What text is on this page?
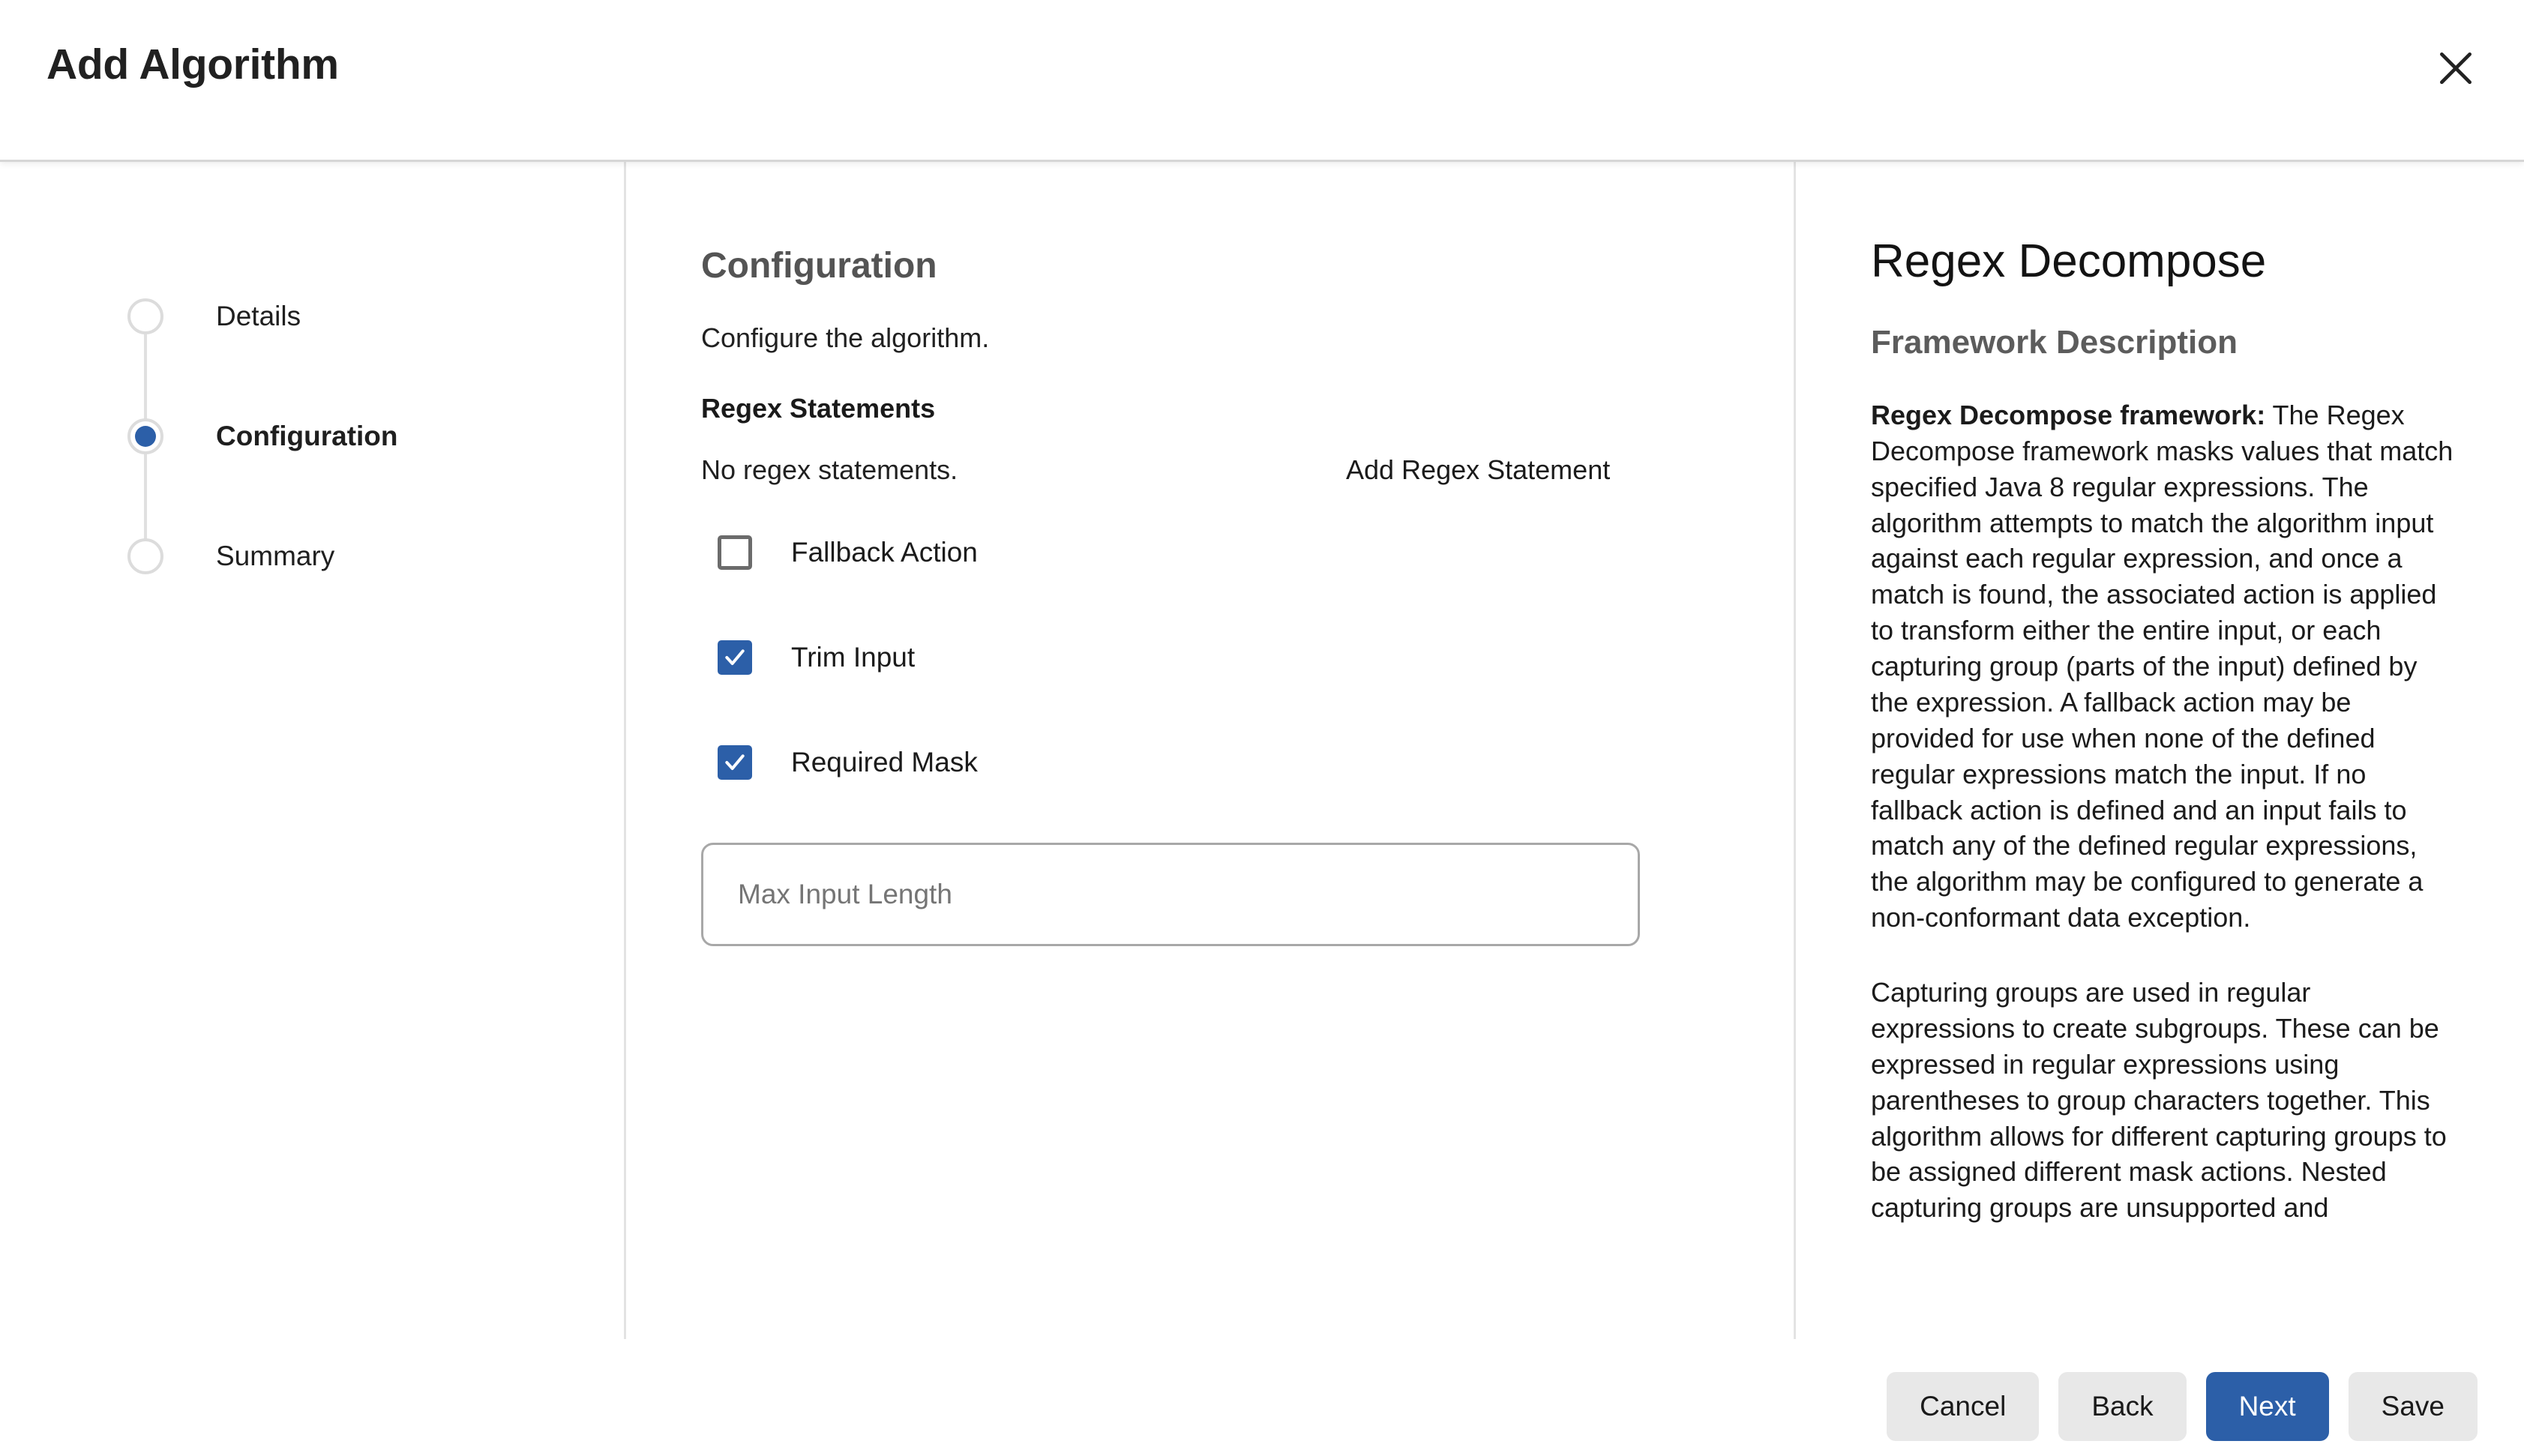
Add Algorithm
Details
Configuration
Summary
Configuration
Configure the algorithm.
Regex Statements
No regex statements.	Add Regex Statement
Fallback Action
Trim Input
Required Mask
Max Input Length
Regex Decompose
Framework Description
Regex Decompose framework: The Regex Decompose framework masks values that match specified Java 8 regular expressions. The algorithm attempts to match the algorithm input against each regular expression, and once a match is found, the associated action is applied to transform either the entire input, or each capturing group (parts of the input) defined by the expression. A fallback action may be provided for use when none of the defined regular expressions match the input. If no fallback action is defined and an input fails to match any of the defined regular expressions, the algorithm may be configured to generate a non-conformant data exception.
Capturing groups are used in regular expressions to create subgroups. These can be expressed in regular expressions using parentheses to group characters together. This algorithm allows for different capturing groups to be assigned different mask actions. Nested capturing groups are unsupported and
Cancel	Back	Next	Save
